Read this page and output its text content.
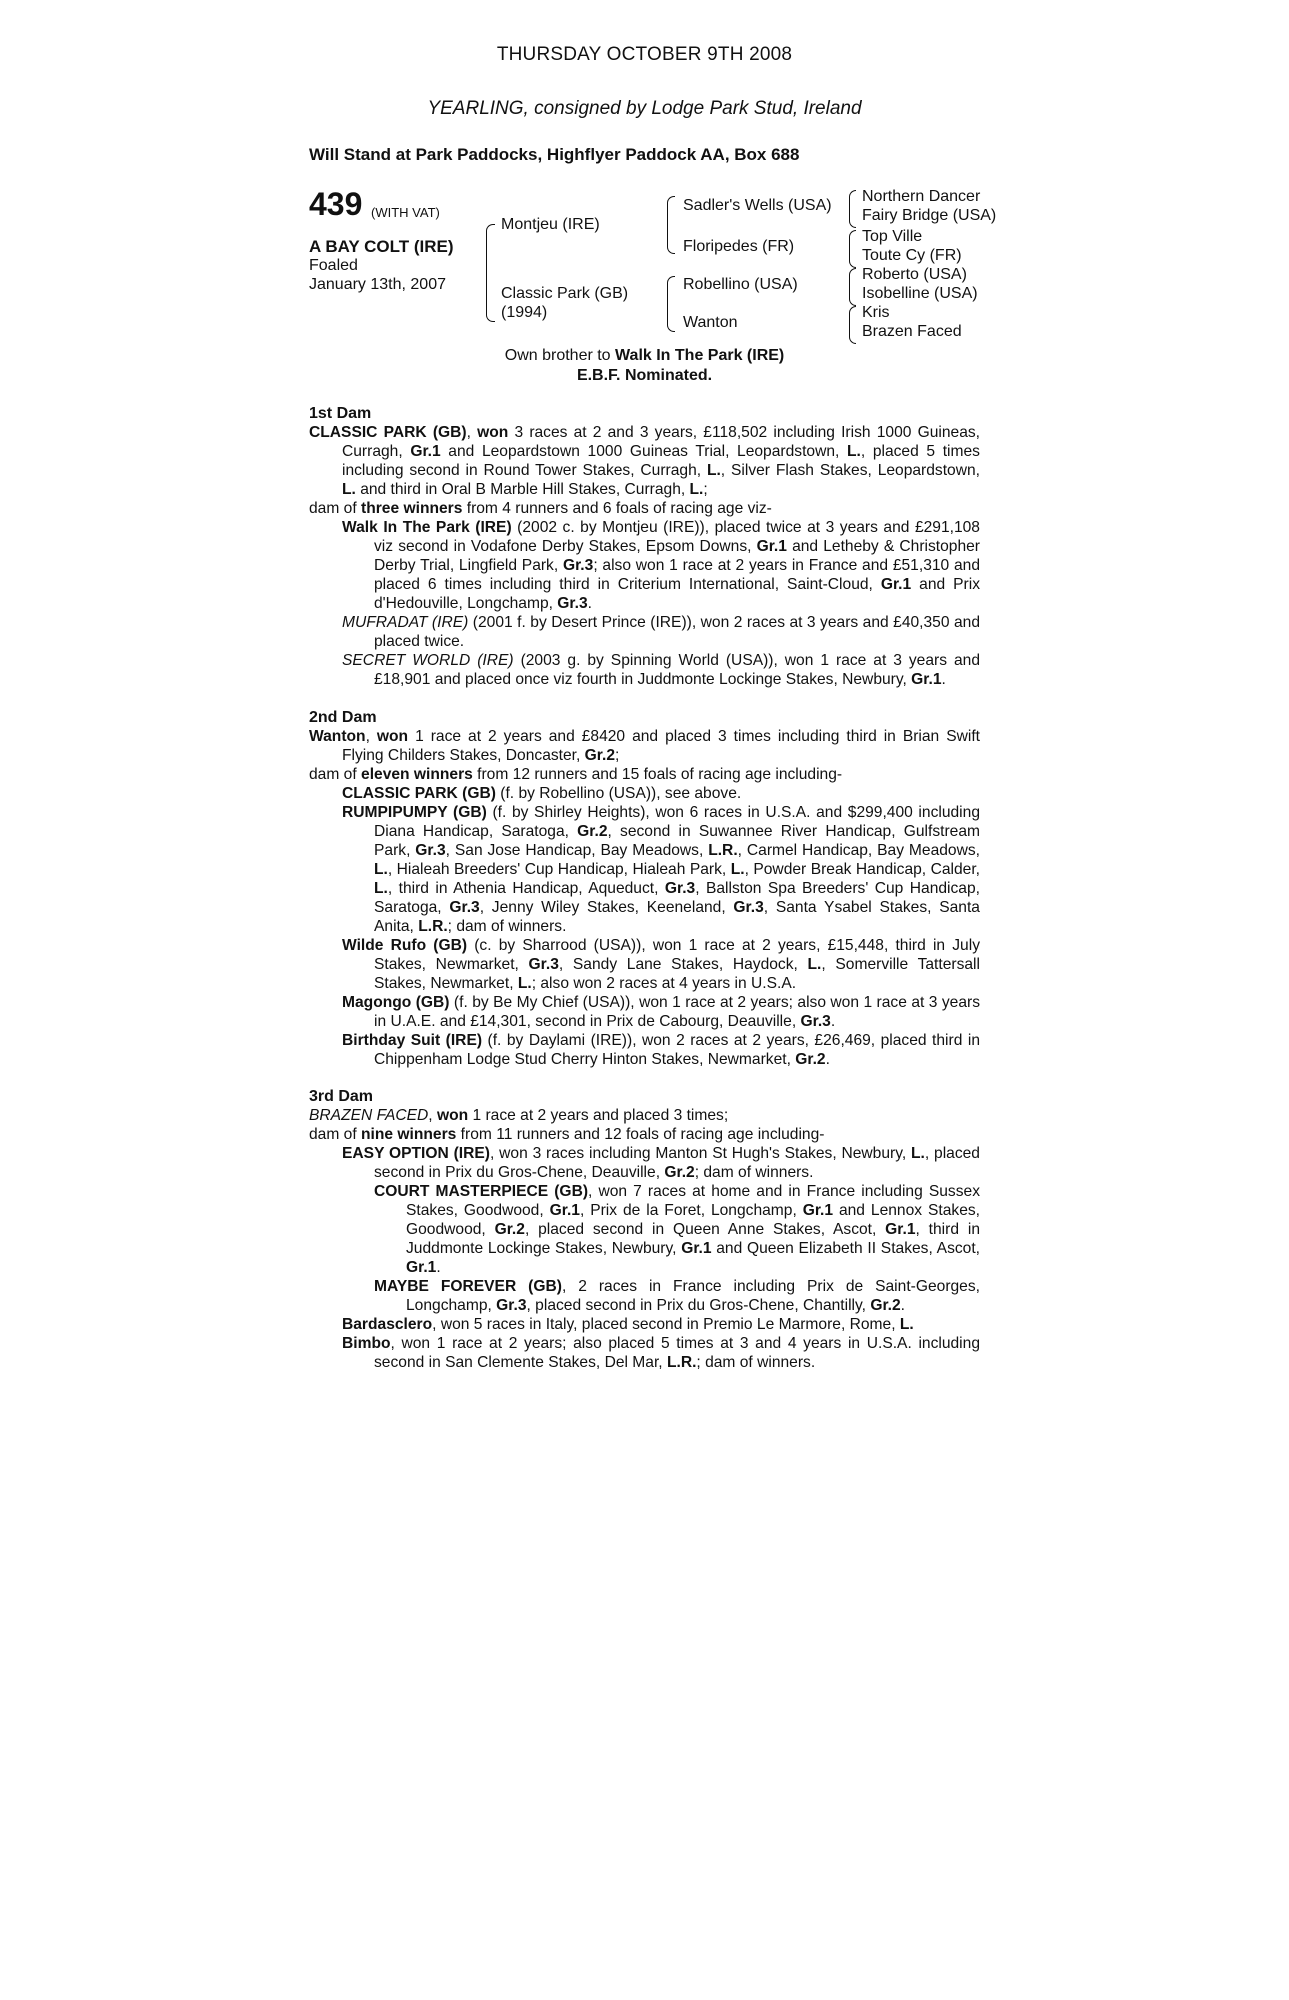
THURSDAY OCTOBER 9TH 2008
YEARLING, consigned by Lodge Park Stud, Ireland
Will Stand at Park Paddocks, Highflyer Paddock AA, Box 688
439 (WITH VAT)
A BAY COLT (IRE)
Foaled
January 13th, 2007
Montjeu (IRE)
Classic Park (GB)
(1994)
Sadler's Wells (USA)
Floripedes (FR)
Robellino (USA)
Wanton
Northern Dancer
Fairy Bridge (USA)
Top Ville
Toute Cy (FR)
Roberto (USA)
Isobelline (USA)
Kris
Brazen Faced
Own brother to Walk In The Park (IRE)
E.B.F. Nominated.

1st Dam

CLASSIC PARK (GB), won 3 races at 2 and 3 years, £118,502 including Irish 1000 Guineas, Curragh, Gr.1 and Leopardstown 1000 Guineas Trial, Leopardstown, L., placed 5 times including second in Round Tower Stakes, Curragh, L., Silver Flash Stakes, Leopardstown, L. and third in Oral B Marble Hill Stakes, Curragh, L.;

dam of three winners from 4 runners and 6 foals of racing age viz-

Walk In The Park (IRE) (2002 c. by Montjeu (IRE)), placed twice at 3 years and £291,108 viz second in Vodafone Derby Stakes, Epsom Downs, Gr.1 and Letheby & Christopher Derby Trial, Lingfield Park, Gr.3; also won 1 race at 2 years in France and £51,310 and placed 6 times including third in Criterium International, Saint-Cloud, Gr.1 and Prix d'Hedouville, Longchamp, Gr.3.

MUFRADAT (IRE) (2001 f. by Desert Prince (IRE)), won 2 races at 3 years and £40,350 and placed twice.

SECRET WORLD (IRE) (2003 g. by Spinning World (USA)), won 1 race at 3 years and £18,901 and placed once viz fourth in Juddmonte Lockinge Stakes, Newbury, Gr.1.

2nd Dam

Wanton, won 1 race at 2 years and £8420 and placed 3 times including third in Brian Swift Flying Childers Stakes, Doncaster, Gr.2;

dam of eleven winners from 12 runners and 15 foals of racing age including-

CLASSIC PARK (GB) (f. by Robellino (USA)), see above.

RUMPIPUMPY (GB) (f. by Shirley Heights), won 6 races in U.S.A. and $299,400 including Diana Handicap, Saratoga, Gr.2, second in Suwannee River Handicap, Gulfstream Park, Gr.3, San Jose Handicap, Bay Meadows, L.R., Carmel Handicap, Bay Meadows, L., Hialeah Breeders' Cup Handicap, Hialeah Park, L., Powder Break Handicap, Calder, L., third in Athenia Handicap, Aqueduct, Gr.3, Ballston Spa Breeders' Cup Handicap, Saratoga, Gr.3, Jenny Wiley Stakes, Keeneland, Gr.3, Santa Ysabel Stakes, Santa Anita, L.R.; dam of winners.

Wilde Rufo (GB) (c. by Sharrood (USA)), won 1 race at 2 years, £15,448, third in July Stakes, Newmarket, Gr.3, Sandy Lane Stakes, Haydock, L., Somerville Tattersall Stakes, Newmarket, L.; also won 2 races at 4 years in U.S.A.

Magongo (GB) (f. by Be My Chief (USA)), won 1 race at 2 years; also won 1 race at 3 years in U.A.E. and £14,301, second in Prix de Cabourg, Deauville, Gr.3.

Birthday Suit (IRE) (f. by Daylami (IRE)), won 2 races at 2 years, £26,469, placed third in Chippenham Lodge Stud Cherry Hinton Stakes, Newmarket, Gr.2.

3rd Dam

BRAZEN FACED, won 1 race at 2 years and placed 3 times;

dam of nine winners from 11 runners and 12 foals of racing age including-

EASY OPTION (IRE), won 3 races including Manton St Hugh's Stakes, Newbury, L., placed second in Prix du Gros-Chene, Deauville, Gr.2; dam of winners.

COURT MASTERPIECE (GB), won 7 races at home and in France including Sussex Stakes, Goodwood, Gr.1, Prix de la Foret, Longchamp, Gr.1 and Lennox Stakes, Goodwood, Gr.2, placed second in Queen Anne Stakes, Ascot, Gr.1, third in Juddmonte Lockinge Stakes, Newbury, Gr.1 and Queen Elizabeth II Stakes, Ascot, Gr.1.

MAYBE FOREVER (GB), 2 races in France including Prix de Saint-Georges, Longchamp, Gr.3, placed second in Prix du Gros-Chene, Chantilly, Gr.2.

Bardasclero, won 5 races in Italy, placed second in Premio Le Marmore, Rome, L.

Bimbo, won 1 race at 2 years; also placed 5 times at 3 and 4 years in U.S.A. including second in San Clemente Stakes, Del Mar, L.R.; dam of winners.
